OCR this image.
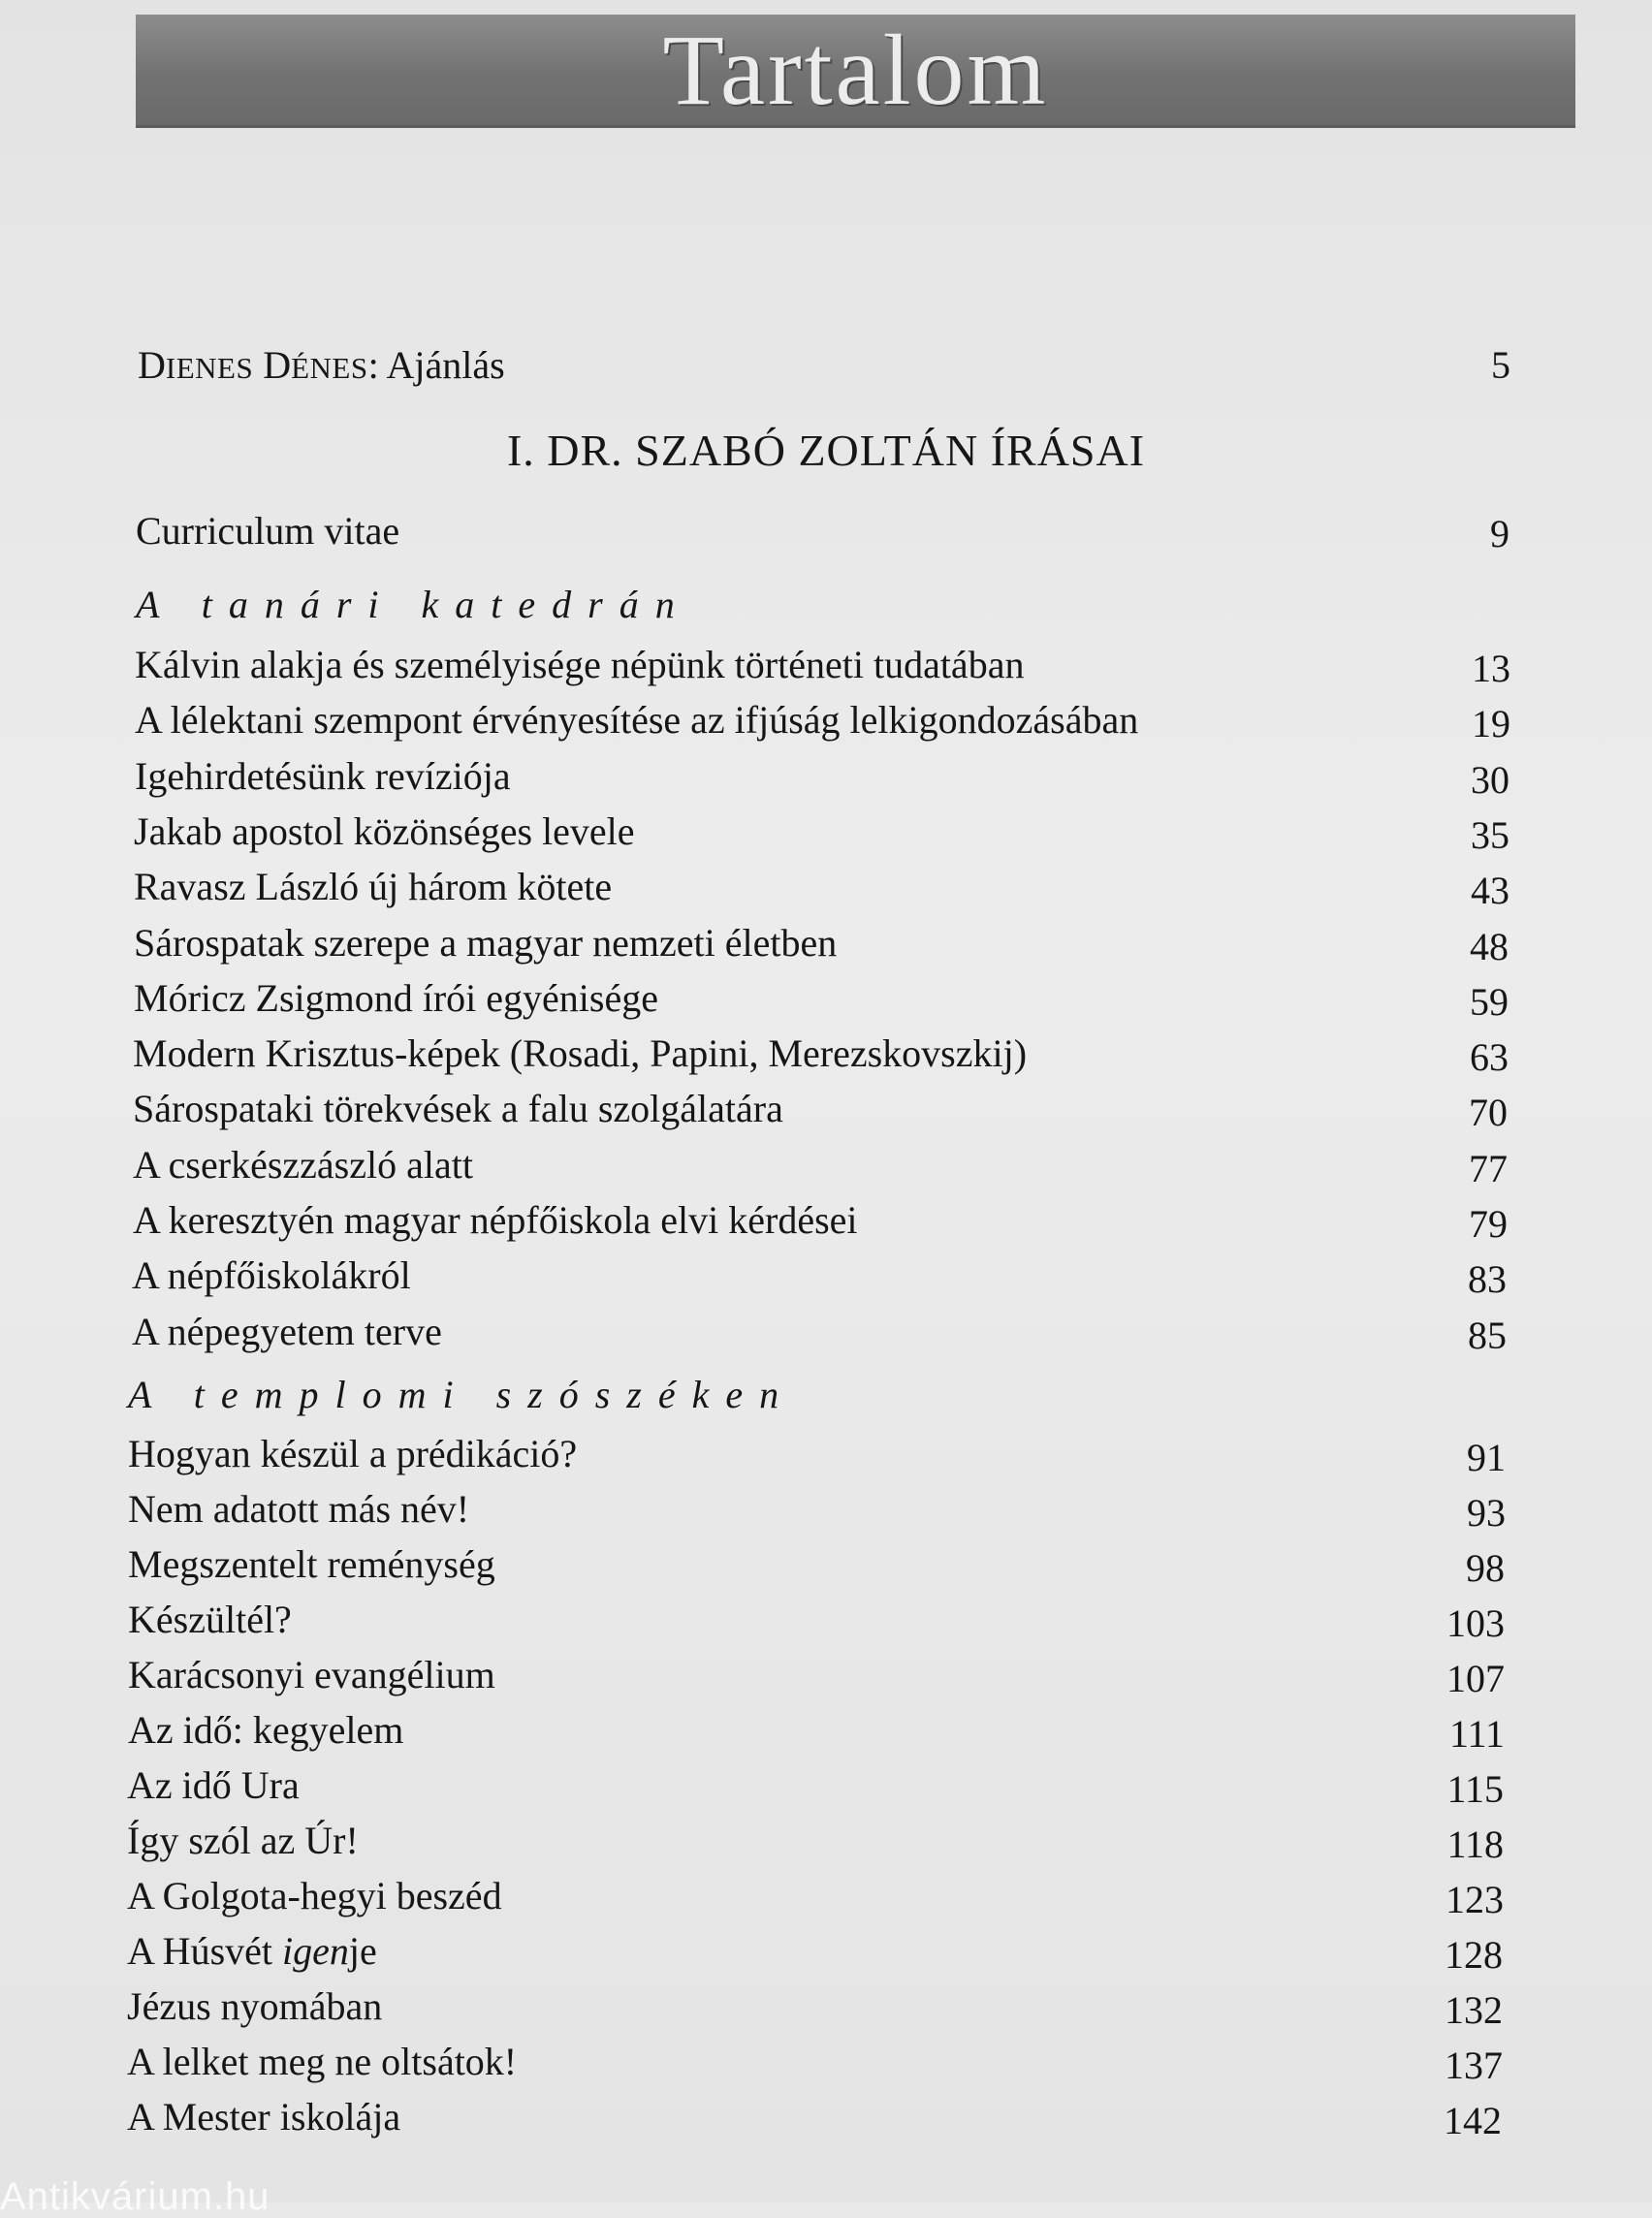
Tartalom
DIENES DÉNES: Ajánlás	5
I. DR. SZABÓ ZOLTÁN ÍRÁSAI
Curriculum vitae	9
A tanári katedrán
Kálvin alakja és személyisége népünk történeti tudatában	13
A lélektani szempont érvényesítése az ifjúság lelkigondozásában	19
Igehirdetésünk revíziója	30
Jakab apostol közönséges levele	35
Ravasz László új három kötete	43
Sárospatak szerepe a magyar nemzeti életben	48
Móricz Zsigmond írói egyénisége	59
Modern Krisztus-képek (Rosadi, Papini, Merezskovszkij)	63
Sárospataki törekvések a falu szolgálatára	70
A cserkészzászló alatt	77
A keresztyén magyar népfőiskola elvi kérdései	79
A népfőiskolákról	83
A népegyetem terve	85
A templomi szószéken
Hogyan készül a prédikáció?	91
Nem adatott más név!	93
Megszentelt reménység	98
Készültél?	103
Karácsonyi evangélium	107
Az idő: kegyelem	111
Az idő Ura	115
Így szól az Úr!	118
A Golgota-hegyi beszéd	123
A Húsvét igenje	128
Jézus nyomában	132
A lelket meg ne oltsátok!	137
A Mester iskolája	142
Antikvárium.hu
